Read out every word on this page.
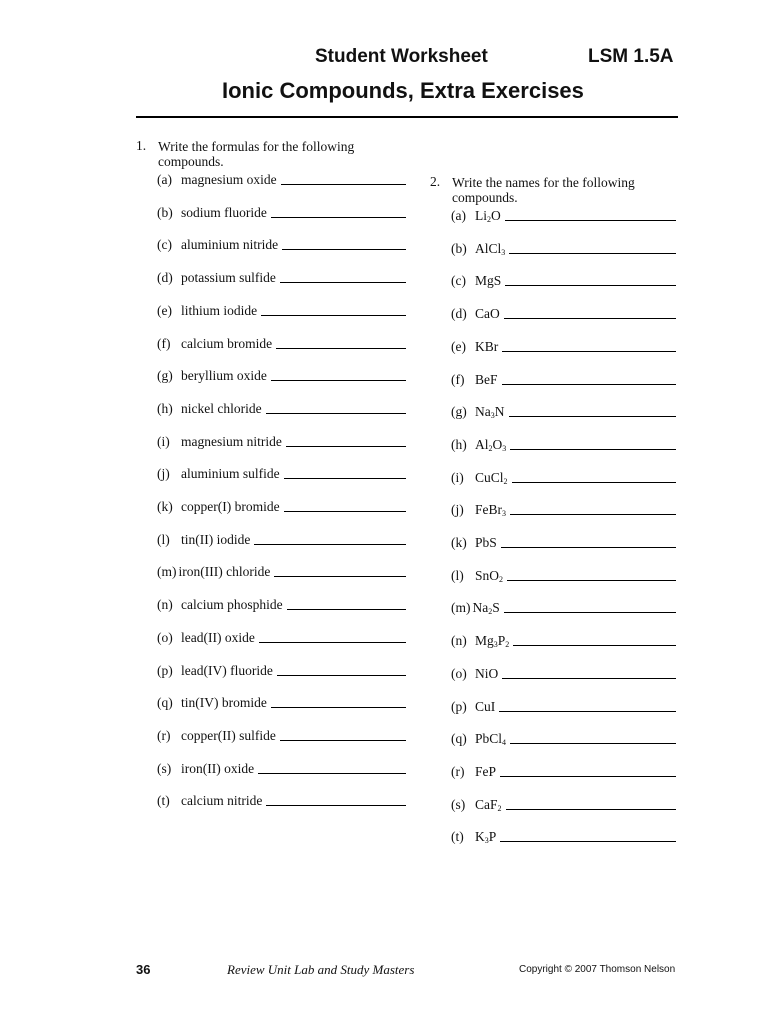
Student Worksheet	LSM 1.5A
Ionic Compounds, Extra Exercises
1. Write the formulas for the following
compounds.
(a) magnesium oxide
(b) sodium fluoride
(c) aluminium nitride
(d) potassium sulfide
(e) lithium iodide
(f) calcium bromide
(g) beryllium oxide
(h) nickel chloride
(i) magnesium nitride
(j) aluminium sulfide
(k) copper(I) bromide
(l) tin(II) iodide
(m) iron(III) chloride
(n) calcium phosphide
(o) lead(II) oxide
(p) lead(IV) fluoride
(q) tin(IV) bromide
(r) copper(II) sulfide
(s) iron(II) oxide
(t) calcium nitride
2. Write the names for the following
compounds.
(a) $Li_2O$
(b) AlCl$_3$
(c) MgS
(d) CaO
(e) KBr
(f) BeF
(g) $Na_3N$
(h) $Al_2O_3$
(i) CuCl$_2$
(j) FeBr$_3$
(k) PbS
(l) SnO$_2$
(m) $Na_2S$
(n) $Mg_3P_2$
(o) NiO
(p) CuI
(q) PbCl$_4$
(r) FeP
(s) CaF$_2$
(t) $K_3P$
36	Review Unit Lab and Study Masters	Copyright © 2007 Thomson Nelson
